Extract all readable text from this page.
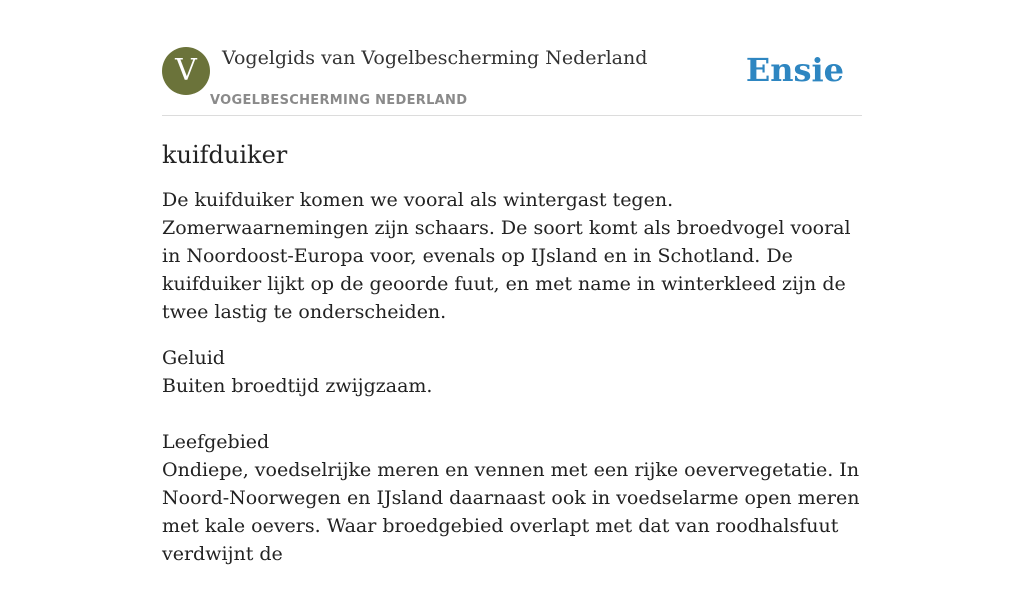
V	Vogelgids van Vogelbescherming Nederland
VOGELBESCHERMING NEDERLAND
Ensie
kuifduiker

De kuifduiker komen we vooral als wintergast tegen. Zomerwaarnemingen zijn schaars. De soort komt als broedvogel vooral in Noordoost-Europa voor, evenals op IJsland en in Schotland. De kuifduiker lijkt op de geoorde fuut, en met name in winterkleed zijn de twee lastig te onderscheiden.

Geluid
Buiten broedtijd zwijgzaam.
Leefgebied
Ondiepe, voedselrijke meren en vennen met een rijke oevervegetatie. In Noord-Noorwegen en IJsland daarnaast ook in voedselarme open meren met kale oevers. Waar broedgebied overlapt met dat van roodhalsfuut verdwijnt de
